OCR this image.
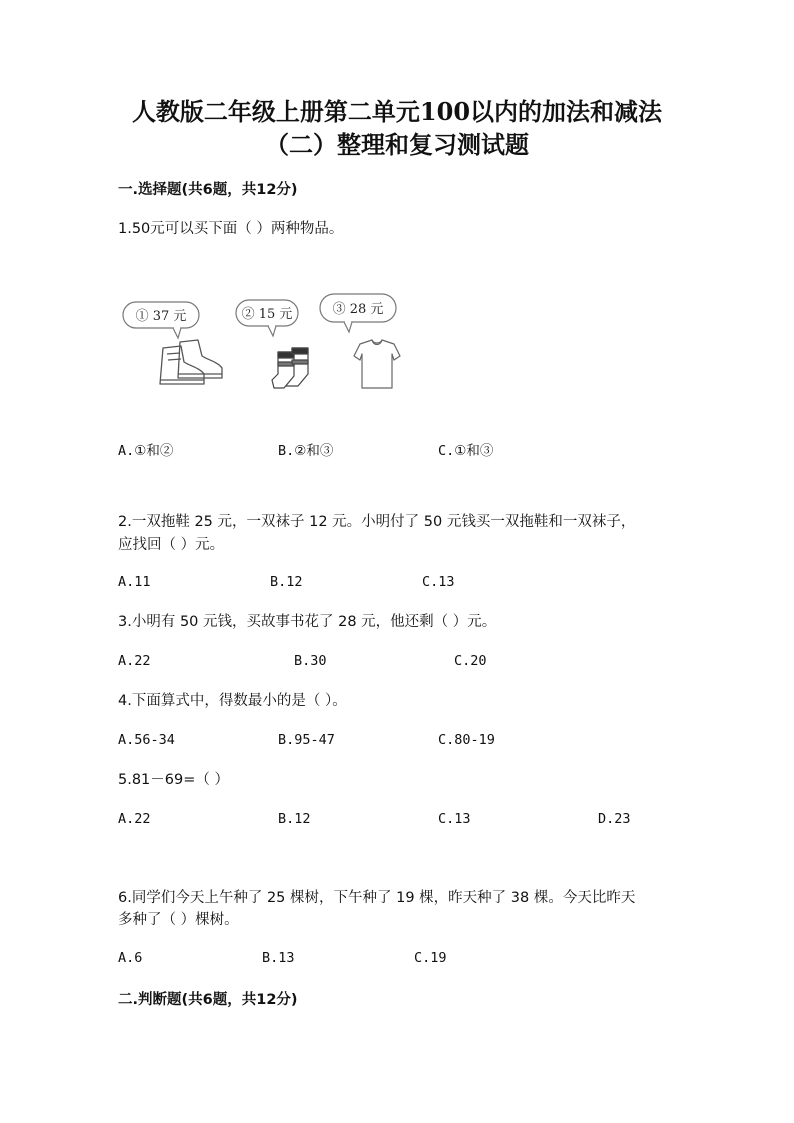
人教版二年级上册第二单元100以内的加法和减法
（二）整理和复习测试题
一.选择题(共6题，共12分)
1.50元可以买下面（ ）两种物品。
① 37 元	② 15 元	③ 28 元
A.①和②	B.②和③	C.①和③
2.一双拖鞋 25 元，一双袜子 12 元。小明付了 50 元钱买一双拖鞋和一双袜子，
应找回（ ）元。
A.11	B.12	C.13
3.小明有 50 元钱，买故事书花了 28 元，他还剩（ ）元。
A.22	B.30	C.20
4.下面算式中，得数最小的是（ ）。
A.56-34	B.95-47	C.80-19
5.81－69=（ ）
A.22	B.12	C.13	D.23
6.同学们今天上午种了 25 棵树，下午种了 19 棵，昨天种了 38 棵。今天比昨天
多种了（ ）棵树。
A.6	B.13	C.19
二.判断题(共6题，共12分)
